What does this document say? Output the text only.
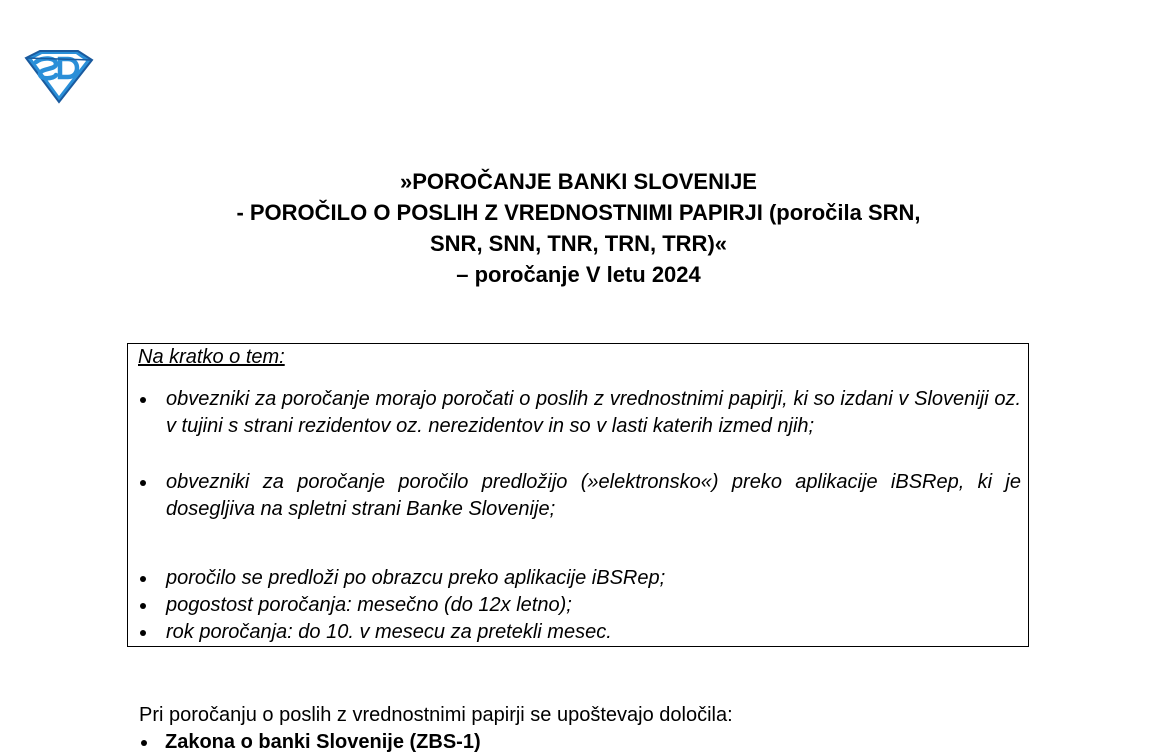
»POROČANJE BANKI SLOVENIJE
- POROČILO O POSLIH Z VREDNOSTNIMI PAPIRJI (poročila SRN,
SNR, SNN, TNR, TRN, TRR)«
– poročanje V letu 2024
Na kratko o tem:
obvezniki za poročanje morajo poročati o poslih z vrednostnimi papirji, ki so izdani v Sloveniji oz. v tujini s strani rezidentov oz. nerezidentov in so v lasti katerih izmed njih;
obvezniki za poročanje poročilo predložijo (»elektronsko«) preko aplikacije iBSRep, ki je dosegljiva na spletni strani Banke Slovenije;
poročilo se predloži po obrazcu preko aplikacije iBSRep;
pogostost poročanja: mesečno (do 12x letno);
rok poročanja: do 10. v mesecu za pretekli mesec.
Pri poročanju o poslih z vrednostnimi papirji se upoštevajo določila:
Zakona o banki Slovenije (ZBS-1)
